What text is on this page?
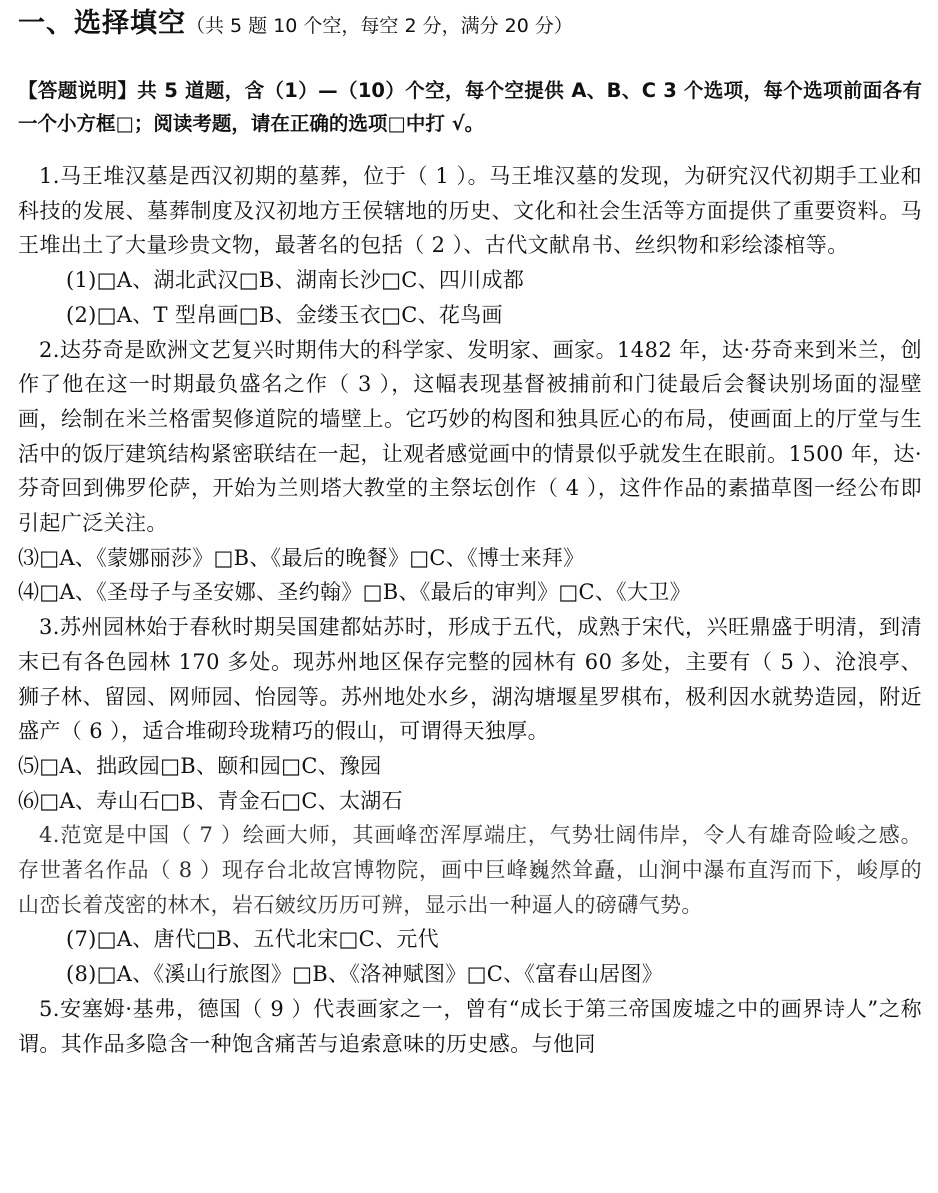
一、选择填空（共 5 题 10 个空，每空 2 分，满分 20 分）
【答题说明】共 5 道题，含（1）—（10）个空，每个空提供 A、B、C 3 个选项，每个选项前面各有一个小方框□；阅读考题，请在正确的选项□中打 √。

1.马王堆汉墓是西汉初期的墓葬，位于（ 1 ）。马王堆汉墓的发现，为研究汉代初期手工业和科技的发展、墓葬制度及汉初地方王侯辖地的历史、文化和社会生活等方面提供了重要资料。马王堆出土了大量珍贵文物，最著名的包括（ 2 ）、古代文献帛书、丝织物和彩绘漆棺等。

(1)□A、湖北武汉□B、湖南长沙□C、四川成都

(2)□A、T 型帛画□B、金缕玉衣□C、花鸟画

2.达芬奇是欧洲文艺复兴时期伟大的科学家、发明家、画家。1482 年，达·芬奇来到米兰，创作了他在这一时期最负盛名之作（ 3 ），这幅表现基督被捕前和门徒最后会餐诀别场面的湿壁画，绘制在米兰格雷契修道院的墙壁上。它巧妙的构图和独具匠心的布局，使画面上的厅堂与生活中的饭厅建筑结构紧密联结在一起，让观者感觉画中的情景似乎就发生在眼前。1500 年，达·芬奇回到佛罗伦萨，开始为兰则塔大教堂的主祭坛创作（ 4 ），这件作品的素描草图一经公布即引起广泛关注。

⑶□A、《蒙娜丽莎》□B、《最后的晚餐》□C、《博士来拜》

⑷□A、《圣母子与圣安娜、圣约翰》□B、《最后的审判》□C、《大卫》

3.苏州园林始于春秋时期吴国建都姑苏时，形成于五代，成熟于宋代，兴旺鼎盛于明清，到清末已有各色园林 170 多处。现苏州地区保存完整的园林有 60 多处，主要有（ 5 ）、沧浪亭、狮子林、留园、网师园、怡园等。苏州地处水乡，湖沟塘堰星罗棋布，极利因水就势造园，附近盛产（ 6 ），适合堆砌玲珑精巧的假山，可谓得天独厚。

⑸□A、拙政园□B、颐和园□C、豫园

⑹□A、寿山石□B、青金石□C、太湖石

4.范宽是中国（ 7 ）绘画大师，其画峰峦浑厚端庄，气势壮阔伟岸，令人有雄奇险峻之感。存世著名作品（ 8 ）现存台北故宫博物院，画中巨峰巍然耸矗，山涧中瀑布直泻而下，峻厚的山峦长着茂密的林木，岩石皴纹历历可辨，显示出一种逼人的磅礴气势。

(7)□A、唐代□B、五代北宋□C、元代

(8)□A、《溪山行旅图》□B、《洛神赋图》□C、《富春山居图》

5.安塞姆·基弗，德国（ 9 ）代表画家之一，曾有“成长于第三帝国废墟之中的画界诗人”之称谓。其作品多隐含一种饱含痛苦与追索意味的历史感。与他同
